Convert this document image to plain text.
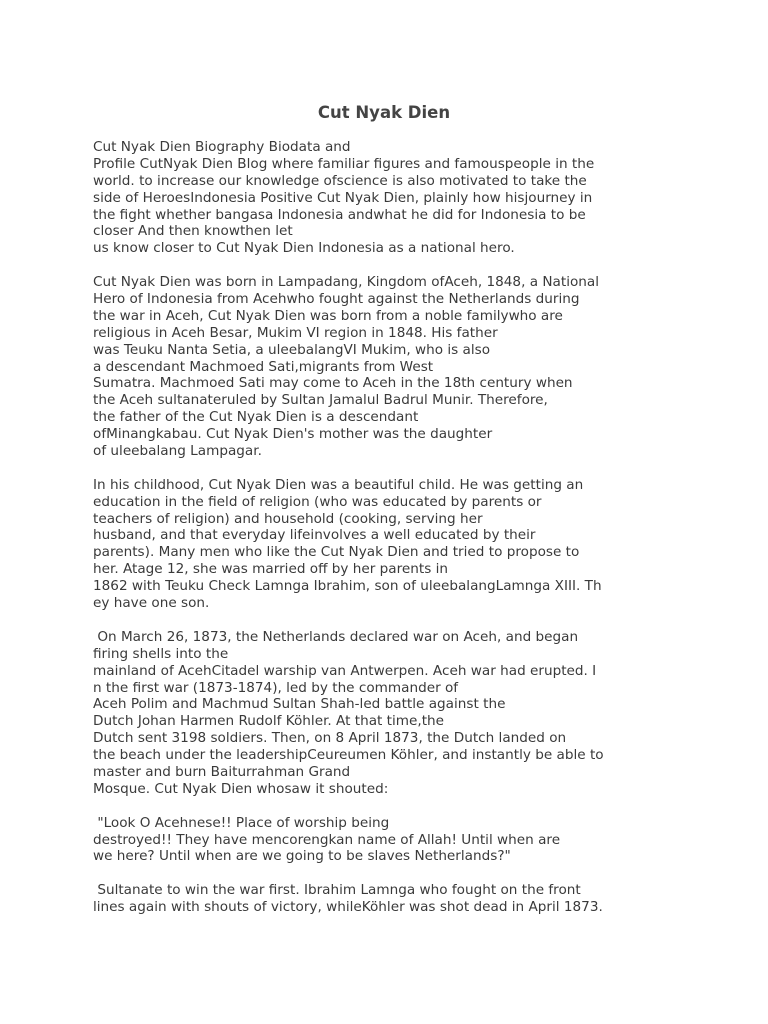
Cut Nyak Dien
Cut Nyak Dien Biography Biodata and
Profile CutNyak Dien Blog where familiar figures and famouspeople in the
world. to increase our knowledge ofscience is also motivated to take the
side of HeroesIndonesia Positive Cut Nyak Dien, plainly how hisjourney in
the fight whether bangasa Indonesia andwhat he did for Indonesia to be
closer And then knowthen let
us know closer to Cut Nyak Dien Indonesia as a national hero.
Cut Nyak Dien was born in Lampadang, Kingdom ofAceh, 1848, a National
Hero of Indonesia from Acehwho fought against the Netherlands during
the war in Aceh, Cut Nyak Dien was born from a noble familywho are
religious in Aceh Besar, Mukim VI region in 1848. His father
was Teuku Nanta Setia, a uleebalangVI Mukim, who is also
a descendant Machmoed Sati,migrants from West
Sumatra. Machmoed Sati may come to Aceh in the 18th century when
the Aceh sultanateruled by Sultan Jamalul Badrul Munir. Therefore,
the father of the Cut Nyak Dien is a descendant
ofMinangkabau. Cut Nyak Dien's mother was the daughter
of uleebalang Lampagar.
In his childhood, Cut Nyak Dien was a beautiful child. He was getting an
education in the field of religion (who was educated by parents or
teachers of religion) and household (cooking, serving her
husband, and that everyday lifeinvolves a well educated by their
parents). Many men who like the Cut Nyak Dien and tried to propose to
her. Atage 12, she was married off by her parents in
1862 with Teuku Check Lamnga Ibrahim, son of uleebalangLamnga XIII. Th
ey have one son.
On March 26, 1873, the Netherlands declared war on Aceh, and began
firing shells into the
mainland of AcehCitadel warship van Antwerpen. Aceh war had erupted. I
n the first war (1873-1874), led by the commander of
Aceh Polim and Machmud Sultan Shah-led battle against the
Dutch Johan Harmen Rudolf Köhler. At that time,the
Dutch sent 3198 soldiers. Then, on 8 April 1873, the Dutch landed on
the beach under the leadershipCeureumen Köhler, and instantly be able to
master and burn Baiturrahman Grand
Mosque. Cut Nyak Dien whosaw it shouted:
"Look O Acehnese!! Place of worship being
destroyed!! They have mencorengkan name of Allah! Until when are
we here? Until when are we going to be slaves Netherlands?"
Sultanate to win the war first. Ibrahim Lamnga who fought on the front
lines again with shouts of victory, whileKöhler was shot dead in April 1873.
